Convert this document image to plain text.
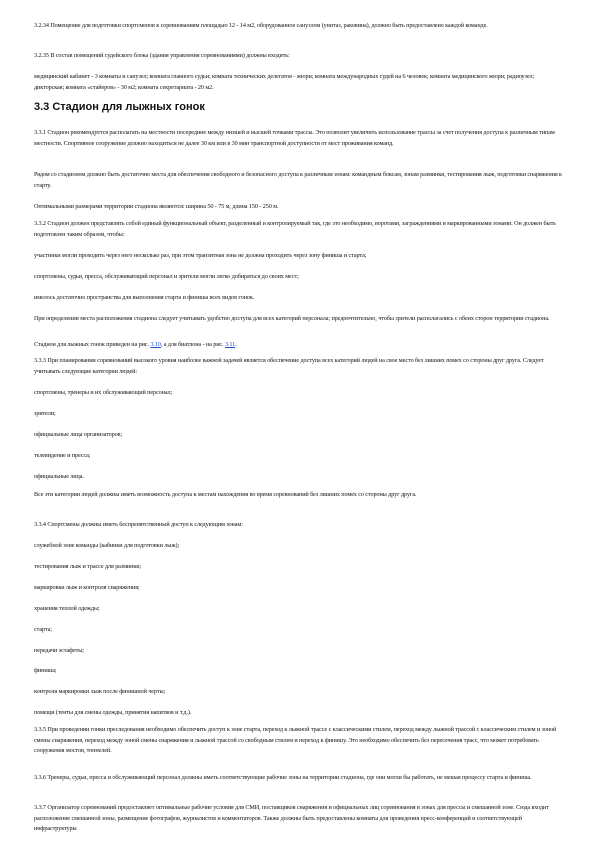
3.2.34 Помещение для подготовки спортсменов к соревнованиям площадью 12 - 14 м2, оборудованное санузлом (унитаз, раковина), должно быть предоставлено каждой команде.

3.2.35 В состав помещений судейского блока (здания управления соревнованиями) должны входить:

медицинский кабинет - 3 комнаты и санузел; комната главного судьи; комната технических делегатов - жюри; комната международных судей на 6 человек; комната медицинского жюри; радиоузел; дикторская; комната «стайеров» - 30 м2; комната секретариата - 20 м2.

3.3 Стадион для лыжных гонок

3.3.1 Стадион рекомендуется располагать на местности посередине между низшей и высшей точками трассы. Это позволит увеличить использование трассы за счет получения доступа к различным типам местности. Спортивное сооружение должно находиться не далее 30 км или в 30 мин транспортной доступности от мест проживания команд.

Рядом со стадионом должно быть достаточно места для обеспечения свободного и безопасного доступа к различным зонам: командным боксам, зонам разминки, тестирования лыж, подготовки снаряжения к старту.

Оптимальными размерами территории стадиона являются: ширина 50 - 75 м, длина 150 - 250 м.

3.3.2 Стадион должен представлять собой единый функциональный объект, разделенный и контролируемый так, где это необходимо, воротами, заграждениями и маркированными зонами. Он должен быть подготовлен таким образом, чтобы:

участники могли проходить через него несколько раз, при этом транзитная зона не должна проходить через зону финиша и старта;

спортсмены, судьи, пресса, обслуживающий персонал и зрители могли легко добираться до своих мест;

имелось достаточно пространства для выполнения старта и финиша всех видов гонок.

При определении места расположения стадиона следует учитывать удобство доступа для всех категорий персонала; предпочтительно, чтобы зрители располагались с обеих сторон территории стадиона.

Стадион для лыжных гонок приведен на рис. 3.10, а для биатлона - на рис. 3.11.

3.3.3 При планировании соревнований высокого уровня наиболее важной задачей является обеспечение доступа всех категорий людей на свое место без лишних помех со стороны друг друга. Следует учитывать следующие категории людей:

спортсмены, тренеры и их обслуживающий персонал;

зрители;

официальные лица организаторов;

телевидение и пресса;

официальные лица.

Все эти категории людей должны иметь возможность доступа к местам нахождения во время соревнований без лишних помех со стороны друг друга.

3.3.4 Спортсмены должны иметь беспрепятственный доступ к следующим зонам:

служебной зоне команды (кабинки для подготовки лыж);

тестирования лыж и трассе для разминки;

маркировки лыж и контроля снаряжения;

хранения теплой одежды;

старта;

передачи эстафеты;

финиша;

контроля маркировки лыж после финишной черты;

помещи (тенты для смены одежды, принятия напитков и т.д.).

3.3.5 При проведении гонки преследования необходимо обеспечить доступ к зоне старта, переход к лыжной трассе с классическими стилем, переход между лыжной трассой с классическим стилем и зоной смены снаряжения, переход между зоной смены снаряжения и лыжной трассой со свободным стилем и переход к финишу. Это необходимо обеспечить без пересечения трасс, что может потребовать сооружения мостов, тоннелей.

3.3.6 Тренеры, судьи, пресса и обслуживающий персонал должны иметь соответствующие рабочие зоны на территории стадиона, где они могли бы работать, не мешая процессу старта и финиша.

3.3.7 Организатор соревнований предоставляет оптимальные рабочие условия для СМИ, поставщиков снаряжения и официальных лиц соревнования в зонах для прессы и смешанной зоне. Сюда входит расположение смешанной зоны, размещение фотографов, журналистов и комментаторов. Также должны быть предоставлены комнаты для проведения пресс-конференций и соответствующей инфраструктуры
